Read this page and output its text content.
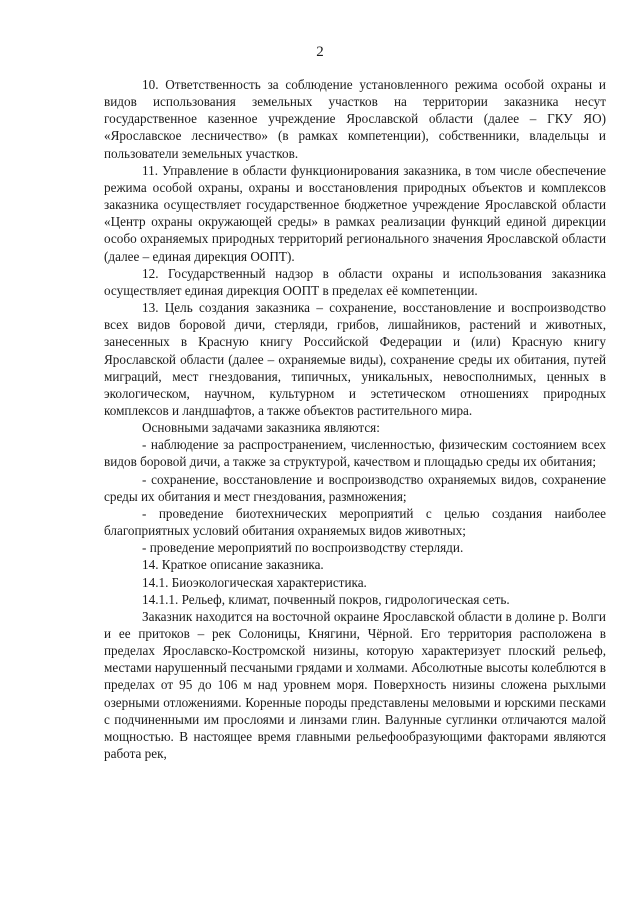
2

10. Ответственность за соблюдение установленного режима особой охраны и видов использования земельных участков на территории заказника несут государственное казенное учреждение Ярославской области (далее – ГКУ ЯО) «Ярославское лесничество» (в рамках компетенции), собственники, владельцы и пользователи земельных участков.

11. Управление в области функционирования заказника, в том числе обеспечение режима особой охраны, охраны и восстановления природных объектов и комплексов заказника осуществляет государственное бюджетное учреждение Ярославской области «Центр охраны окружающей среды» в рамках реализации функций единой дирекции особо охраняемых природных территорий регионального значения Ярославской области (далее – единая дирекция ООПТ).

12. Государственный надзор в области охраны и использования заказника осуществляет единая дирекция ООПТ в пределах её компетенции.

13. Цель создания заказника – сохранение, восстановление и воспроизводство всех видов боровой дичи, стерляди, грибов, лишайников, растений и животных, занесенных в Красную книгу Российской Федерации и (или) Красную книгу Ярославской области (далее – охраняемые виды), сохранение среды их обитания, путей миграций, мест гнездования, типичных, уникальных, невосполнимых, ценных в экологическом, научном, культурном и эстетическом отношениях природных комплексов и ландшафтов, а также объектов растительного мира.

Основными задачами заказника являются:

- наблюдение за распространением, численностью, физическим состоянием всех видов боровой дичи, а также за структурой, качеством и площадью среды их обитания;

- сохранение, восстановление и воспроизводство охраняемых видов, сохранение среды их обитания и мест гнездования, размножения;

- проведение биотехнических мероприятий с целью создания наиболее благоприятных условий обитания охраняемых видов животных;

- проведение мероприятий по воспроизводству стерляди.

14. Краткое описание заказника.

14.1. Биоэкологическая характеристика.

14.1.1. Рельеф, климат, почвенный покров, гидрологическая сеть.

Заказник находится на восточной окраине Ярославской области в долине р. Волги и ее притоков – рек Солоницы, Княгини, Чёрной. Его территория расположена в пределах Ярославско-Костромской низины, которую характеризует плоский рельеф, местами нарушенный песчаными грядами и холмами. Абсолютные высоты колеблются в пределах от 95 до 106 м над уровнем моря. Поверхность низины сложена рыхлыми озерными отложениями. Коренные породы представлены меловыми и юрскими песками с подчиненными им прослоями и линзами глин. Валунные суглинки отличаются малой мощностью. В настоящее время главными рельефообразующими факторами являются работа рек,
